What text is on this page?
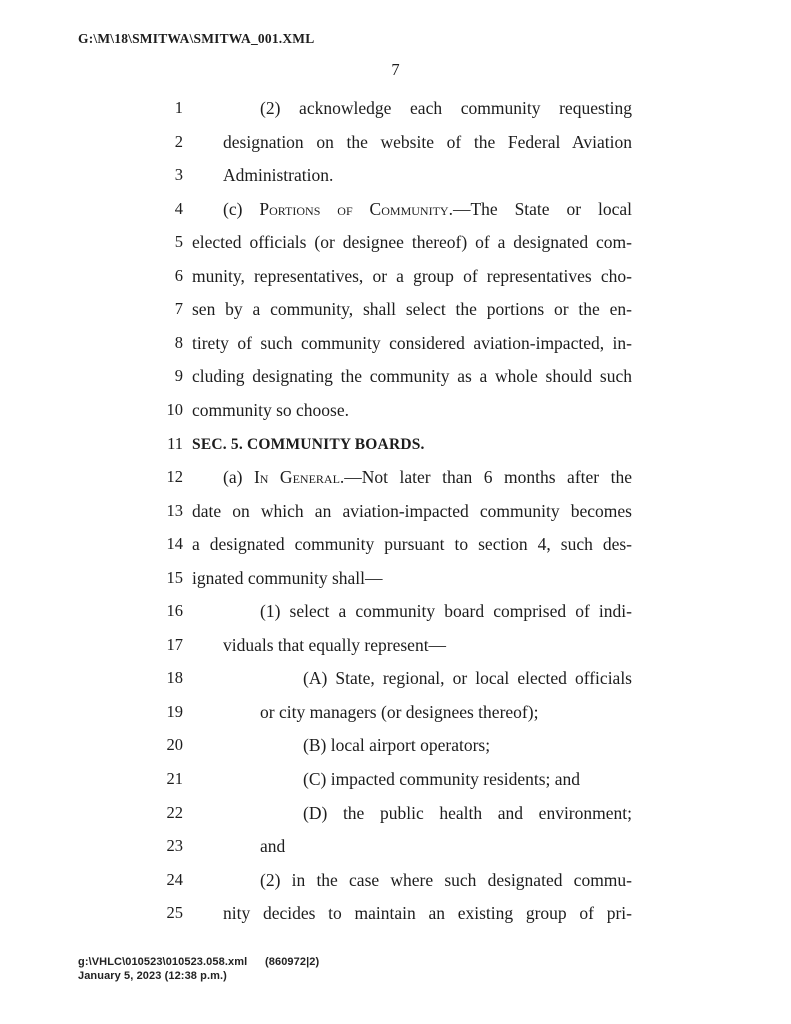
G:\M\18\SMITWA\SMITWA_001.XML
7
1	(2) acknowledge each community requesting
2 designation on the website of the Federal Aviation
3 Administration.
4 (c) Portions of Community.—The State or local
5 elected officials (or designee thereof) of a designated com-
6 munity, representatives, or a group of representatives cho-
7 sen by a community, shall select the portions or the en-
8 tirety of such community considered aviation-impacted, in-
9 cluding designating the community as a whole should such
10 community so choose.
11 SEC. 5. COMMUNITY BOARDS.
12 (a) In General.—Not later than 6 months after the
13 date on which an aviation-impacted community becomes
14 a designated community pursuant to section 4, such des-
15 ignated community shall—
16	(1) select a community board comprised of indi-
17 viduals that equally represent—
18	(A) State, regional, or local elected officials
19	or city managers (or designees thereof);
20	(B) local airport operators;
21	(C) impacted community residents; and
22	(D) the public health and environment;
23	and
24	(2) in the case where such designated commu-
25 nity decides to maintain an existing group of pri-
g:\VHLC\010523\010523.058.xml (860972|2)
January 5, 2023 (12:38 p.m.)
